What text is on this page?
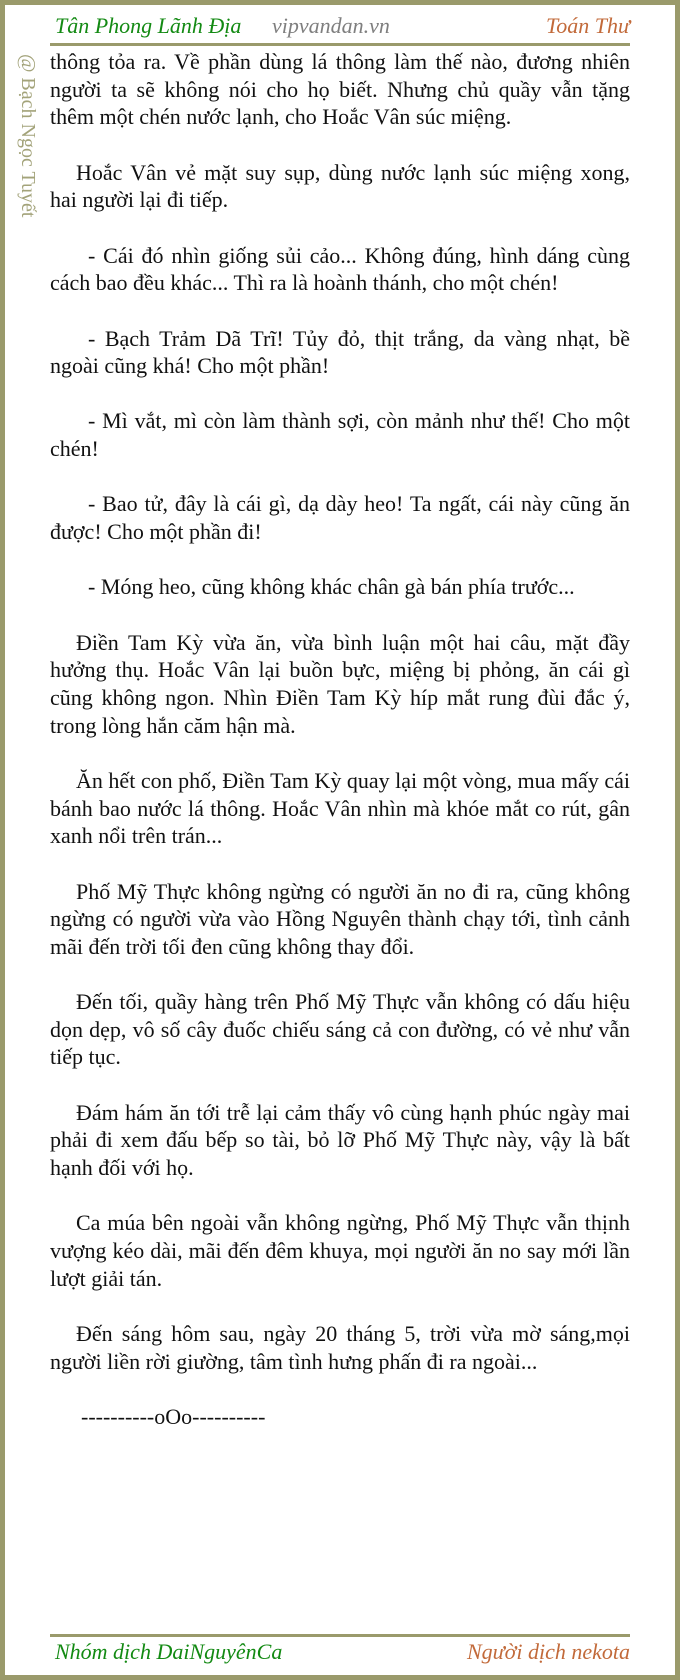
Tân Phong Lãnh Địa vipvandan.vn	Toán Thư
@ Bạch Ngọc Tuyết thông tỏa ra. Về phần dùng lá thông làm thế nào, đương nhiên người ta sẽ không nói cho họ biết. Nhưng chủ quầy vẫn tặng thêm một chén nước lạnh, cho Hoắc Vân súc miệng.

Hoắc Vân vẻ mặt suy sụp, dùng nước lạnh súc miệng xong, hai người lại đi tiếp.

- Cái đó nhìn giống sủi cảo... Không đúng, hình dáng cùng cách bao đều khác... Thì ra là hoành thánh, cho một chén!

- Bạch Trảm Dã Trĩ! Tủy đỏ, thịt trắng, da vàng nhạt, bề ngoài cũng khá! Cho một phần!

- Mì vắt, mì còn làm thành sợi, còn mảnh như thế! Cho một chén!

- Bao tử, đây là cái gì, dạ dày heo! Ta ngất, cái này cũng ăn được! Cho một phần đi!

- Móng heo, cũng không khác chân gà bán phía trước...

Điền Tam Kỳ vừa ăn, vừa bình luận một hai câu, mặt đầy hưởng thụ. Hoắc Vân lại buồn bực, miệng bị phỏng, ăn cái gì cũng không ngon. Nhìn Điền Tam Kỳ híp mắt rung đùi đắc ý, trong lòng hắn căm hận mà.

Ăn hết con phố, Điền Tam Kỳ quay lại một vòng, mua mấy cái bánh bao nước lá thông. Hoắc Vân nhìn mà khóe mắt co rút, gân xanh nổi trên trán...

Phố Mỹ Thực không ngừng có người ăn no đi ra, cũng không ngừng có người vừa vào Hồng Nguyên thành chạy tới, tình cảnh mãi đến trời tối đen cũng không thay đổi.

Đến tối, quầy hàng trên Phố Mỹ Thực vẫn không có dấu hiệu dọn dẹp, vô số cây đuốc chiếu sáng cả con đường, có vẻ như vẫn tiếp tục.

Đám hám ăn tới trễ lại cảm thấy vô cùng hạnh phúc ngày mai phải đi xem đấu bếp so tài, bỏ lỡ Phố Mỹ Thực này, vậy là bất hạnh đối với họ.

Ca múa bên ngoài vẫn không ngừng, Phố Mỹ Thực vẫn thịnh vượng kéo dài, mãi đến đêm khuya, mọi người ăn no say mới lần lượt giải tán.

Đến sáng hôm sau, ngày 20 tháng 5, trời vừa mờ sáng,mọi người liền rời giường, tâm tình hưng phấn đi ra ngoài...

----------oOo----------

Nhóm dịch DaiNguyênCa	Người dịch nekota
